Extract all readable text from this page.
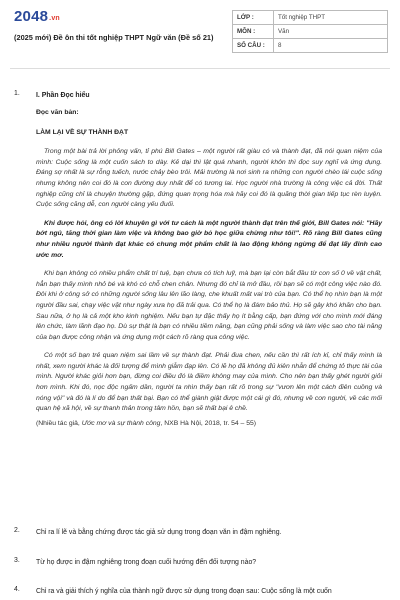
2048.vn
(2025 mới) Đề ôn thi tốt nghiệp THPT Ngữ văn (Đề số 21)
LỚP :	Tốt nghiệp THPT
MÔN :	Văn
SỐ CÂU :	8
1.	I. Phần Đọc hiểu
Đọc văn bản:
LÀM LẠI VỀ SỰ THÀNH ĐẠT
Trong một bài trả lời phỏng vấn, tỉ phú Bill Gates – một người rất giàu có và thành đạt, đã nói quan niệm của mình: Cuộc sống là một cuốn sách to dày. Kẻ dại thì lật quá nhanh, người khôn thì đọc suy nghĩ và ứng dụng. Đáng sợ nhất là sự rỗng tuếch, nước chảy bèo trôi. Mải trường là nơi sinh ra những con người chèo lái cuộc sống nhưng không nên coi đó là con đường duy nhất để có tương lai. Học người nhà trường là công việc cả đời. Thất nghiệp cũng chỉ là chuyện thường gặp, đứng quan trọng hóa mà hãy coi đó là quãng thời gian tiếp tục rèn luyện. Cuộc sống căng dễ, con người càng yếu đuối.
Khi được hỏi, ông có lời khuyên gì với tư cách là một người thành đạt trên thế giới, Bill Gates nói: "Hãy bớt ngủ, tăng thời gian làm việc và không bao giờ bỏ học giữa chừng như tôi!". Rõ ràng Bill Gates cũng như nhiều người thành đạt khác có chung một phẩm chất là lao động không ngừng để đạt lấy đỉnh cao ước mơ.
Khi bạn không có nhiều phẩm chất trí tuệ, bạn chưa có tích luỹ, mà bạn lại còn bắt đầu từ con số 0 về vật chất, hẳn bạn thấy mình nhỏ bé và khó có chỗ chen chân. Nhưng đó chỉ là mở đầu, rồi bạn sẽ có một công việc nào đó. Đôi khi ở công sở có những người sống lâu lên lão làng, che khuất mất vai trò của bạn. Có thể họ nhìn bạn là một người đầu sai, chạy việc vặt như ngày xưa họ đã trải qua. Có thể họ là đám bảo thủ. Họ sẽ gây khó khăn cho bạn. Sau nữa, ở họ là cả một kho kinh nghiệm. Nếu bạn tự đặc thấy họ ít bằng cấp, bạn đứng với cho mình mới đáng lên chức, làm lãnh đạo họ. Dù sự thật là bạn có nhiều tiềm năng, bạn cũng phải sống và làm việc sao cho tài năng của bạn được công nhận và ứng dụng một cách rõ ràng qua công việc.
Có một số bạn trẻ quan niệm sai lầm về sự thành đạt. Phải đua chen, nếu cần thì rất ích kỉ, chỉ thấy mình là nhất, xem người khác là đối tượng để mình giẫm đạp lên. Có lẽ họ đã không đủ kiên nhẫn để chứng tỏ thực tài của mình. Người khác giỏi hơn bạn, đừng coi điều đó là điềm không may của mình. Cho nên bạn thấy ghét người giỏi hơn mình. Khi đó, nọc độc ngấm dần, người ta nhìn thấy bạn rất rõ trong sự "vươn lên một cách điên cuồng và nóng vội" và đó là lí do để bạn thất bại. Bạn có thể giành giật được một cái gì đó, nhưng về con người, về các mối quan hệ xã hội, về sự thanh thản trong tâm hồn, bạn sẽ thất bại ê chề.
(Nhiều tác giả, Ước mơ và sự thành công, NXB Hà Nội, 2018, tr. 54 – 55)
2.	Chỉ ra lí lẽ và bằng chứng được tác giả sử dụng trong đoạn văn in đậm nghiêng.
3.	Từ họ được in đậm nghiêng trong đoạn cuối hướng đến đối tượng nào?
4.	Chỉ ra và giải thích ý nghĩa của thành ngữ được sử dụng trong đoạn sau: Cuộc sống là một cuốn
